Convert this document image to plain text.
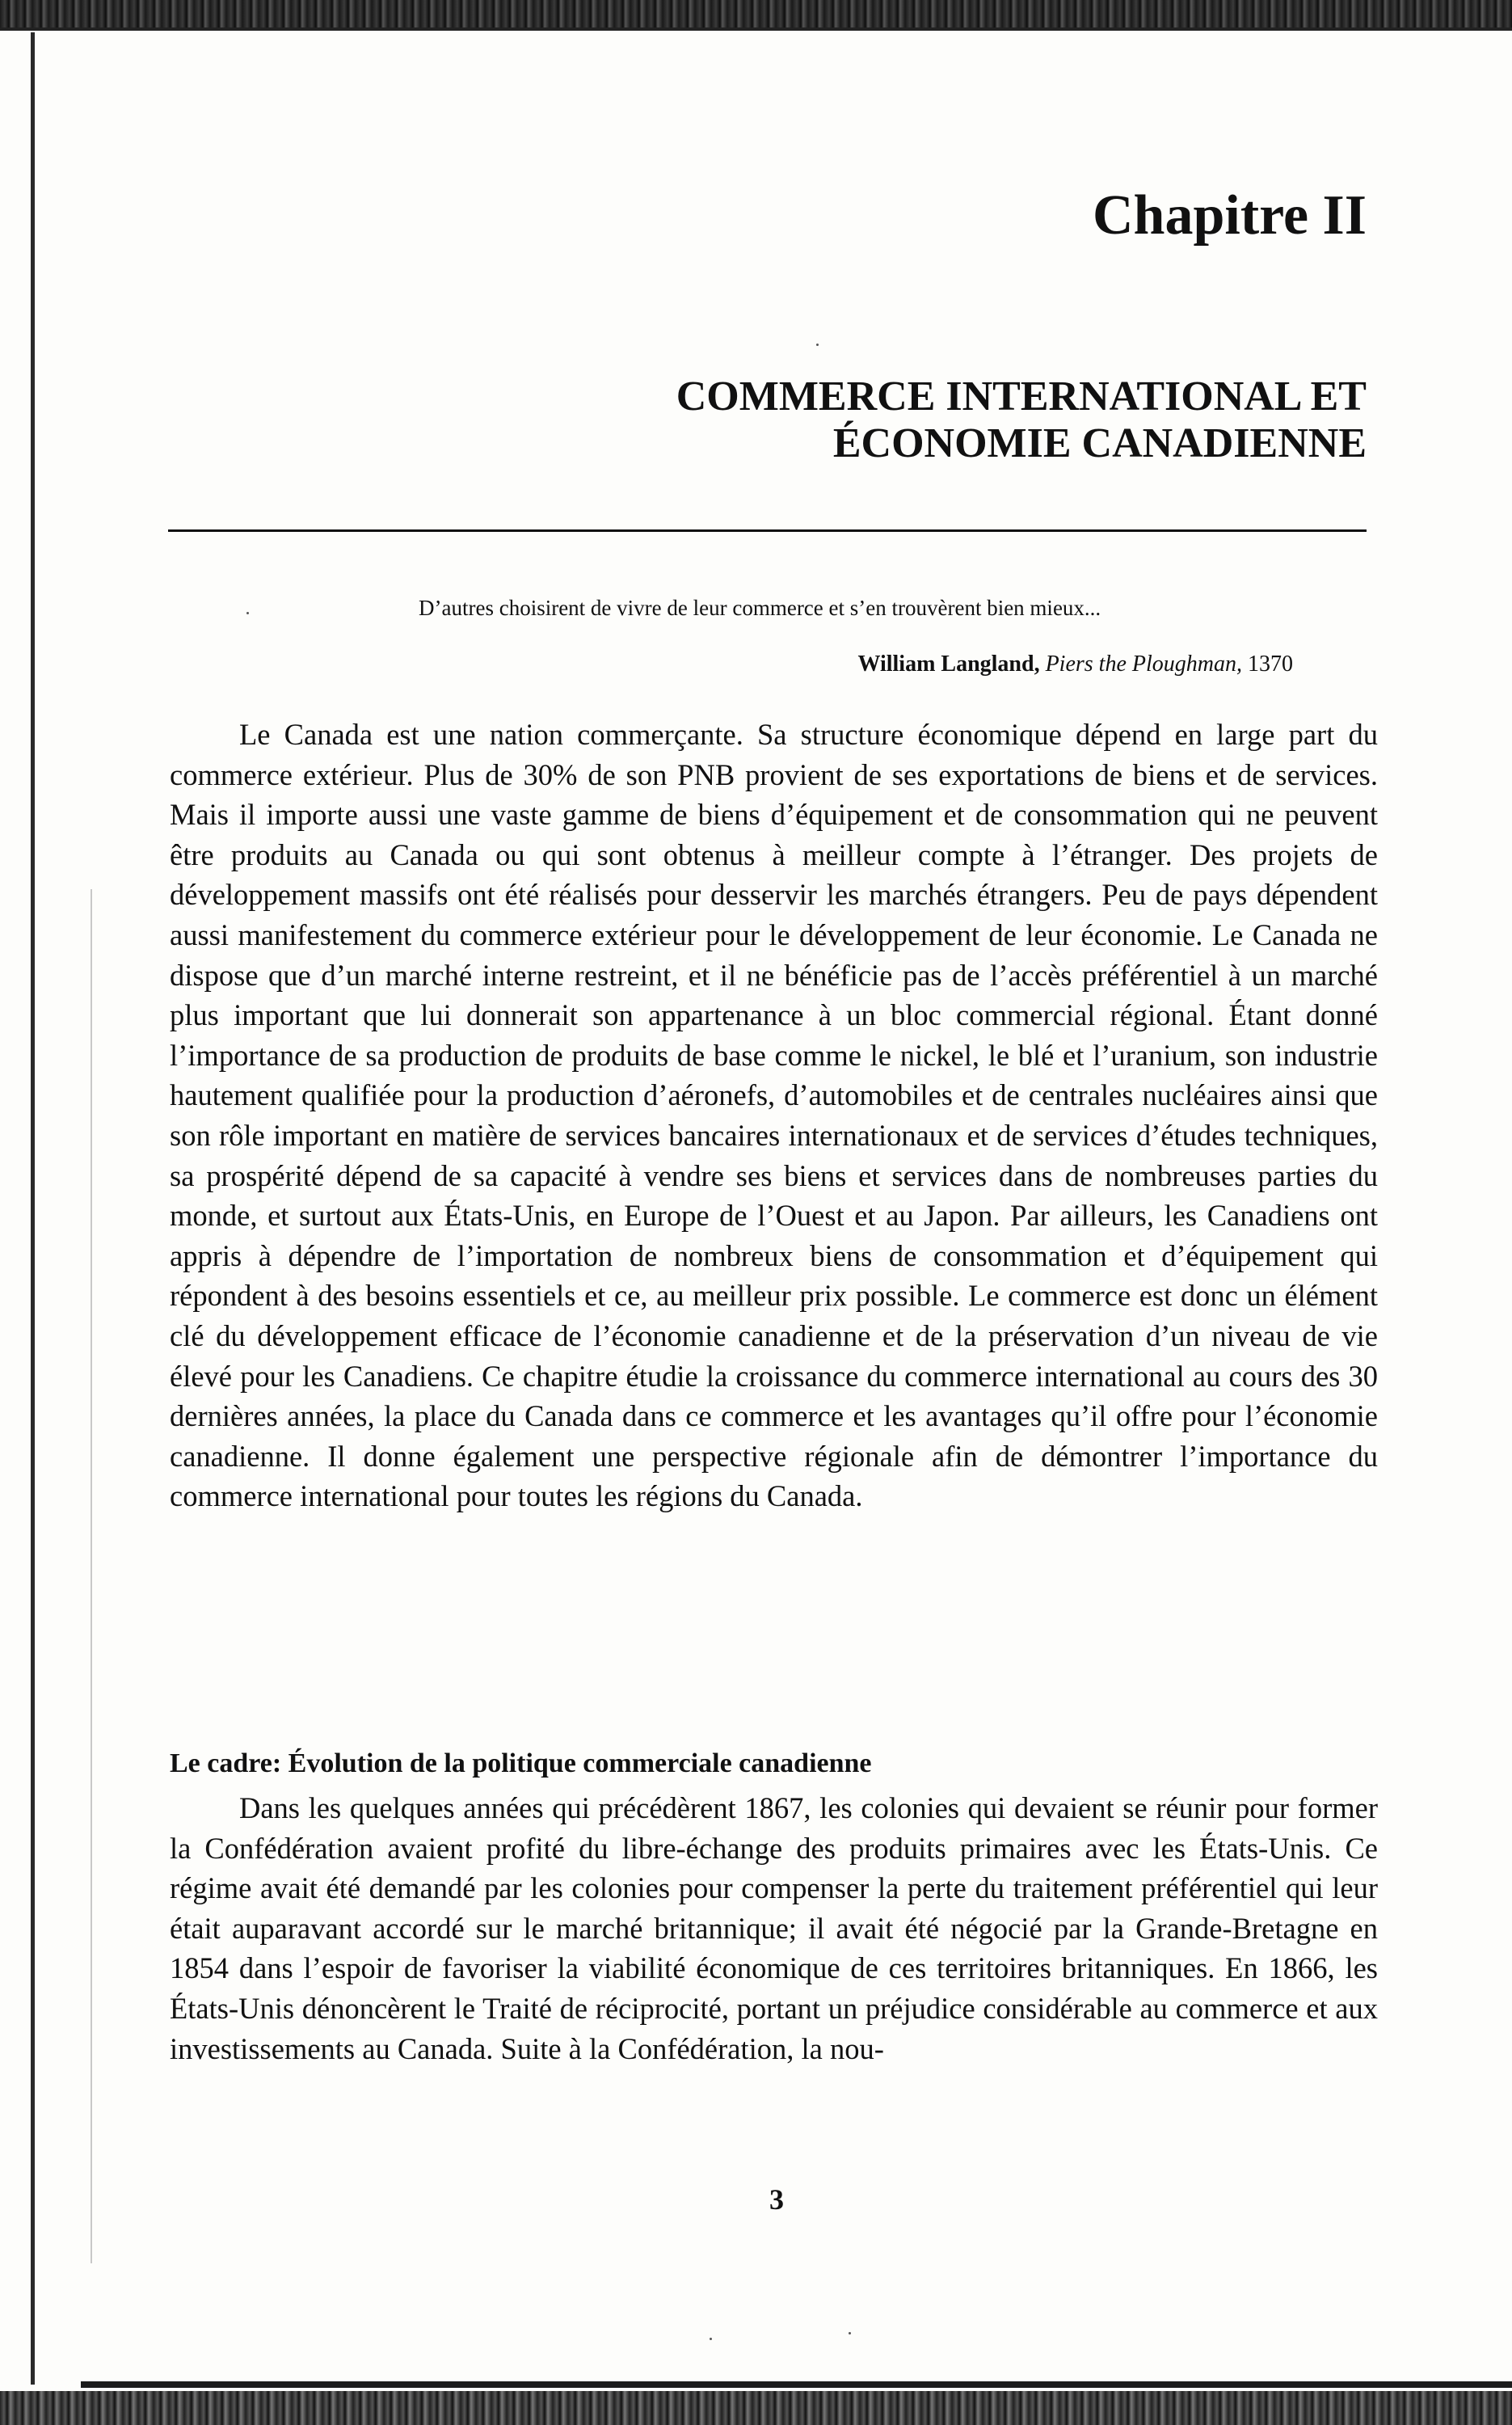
Chapitre II
COMMERCE INTERNATIONAL ET
ÉCONOMIE CANADIENNE

D’autres choisirent de vivre de leur commerce et s’en trouvèrent bien mieux...

William Langland, Piers the Ploughman, 1370

Le Canada est une nation commerçante. Sa structure économique dépend en large part du commerce extérieur. Plus de 30% de son PNB provient de ses exportations de biens et de services. Mais il importe aussi une vaste gamme de biens d’équipement et de consommation qui ne peuvent être produits au Canada ou qui sont obtenus à meilleur compte à l’étranger. Des projets de développement massifs ont été réalisés pour desservir les marchés étrangers. Peu de pays dépendent aussi manifestement du commerce extérieur pour le développement de leur économie. Le Canada ne dispose que d’un marché interne restreint, et il ne bénéficie pas de l’accès préférentiel à un marché plus important que lui donnerait son appartenance à un bloc commercial régional. Étant donné l’importance de sa production de produits de base comme le nickel, le blé et l’uranium, son industrie hautement qualifiée pour la production d’aéronefs, d’automobiles et de centrales nucléaires ainsi que son rôle important en matière de services bancaires internationaux et de services d’études techniques, sa prospérité dépend de sa capacité à vendre ses biens et services dans de nombreuses parties du monde, et surtout aux États-Unis, en Europe de l’Ouest et au Japon. Par ailleurs, les Canadiens ont appris à dépendre de l’importation de nombreux biens de consommation et d’équipement qui répondent à des besoins essentiels et ce, au meilleur prix possible. Le commerce est donc un élément clé du développement efficace de l’économie canadienne et de la préservation d’un niveau de vie élevé pour les Canadiens. Ce chapitre étudie la croissance du commerce international au cours des 30 dernières années, la place du Canada dans ce commerce et les avantages qu’il offre pour l’économie canadienne. Il donne également une perspective régionale afin de démontrer l’importance du commerce international pour toutes les régions du Canada.

Le cadre: Évolution de la politique commerciale canadienne

Dans les quelques années qui précédèrent 1867, les colonies qui devaient se réunir pour former la Confédération avaient profité du libre-échange des produits primaires avec les États-Unis. Ce régime avait été demandé par les colonies pour compenser la perte du traitement préférentiel qui leur était auparavant accordé sur le marché britannique; il avait été négocié par la Grande-Bretagne en 1854 dans l’espoir de favoriser la viabilité économique de ces territoires britanniques. En 1866, les États-Unis dénoncèrent le Traité de réciprocité, portant un préjudice considérable au commerce et aux investissements au Canada. Suite à la Confédération, la nou-

3
